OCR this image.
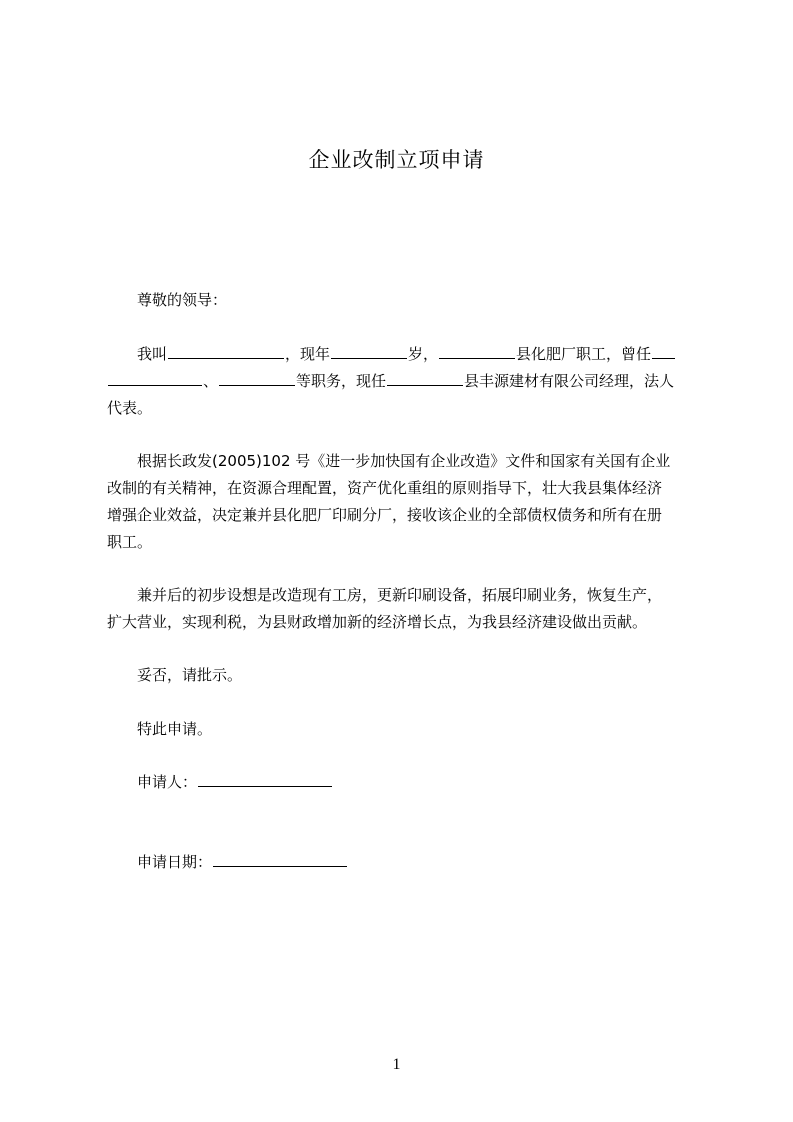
企业改制立项申请
尊敬的领导：
我叫	，现年	岁，	县化肥厂职工，曾任
、	等职务，现任	县丰源建材有限公司经理，法人
代表。
根据长政发(2005)102 号《进一步加快国有企业改造》文件和国家有关国有企业
改制的有关精神，在资源合理配置，资产优化重组的原则指导下，壮大我县集体经济
增强企业效益，决定兼并县化肥厂印刷分厂，接收该企业的全部债权债务和所有在册
职工。
兼并后的初步设想是改造现有工房，更新印刷设备，拓展印刷业务，恢复生产，
扩大营业，实现利税，为县财政增加新的经济增长点，为我县经济建设做出贡献。
妥否，请批示。
特此申请。
申请人：
申请日期：
1
